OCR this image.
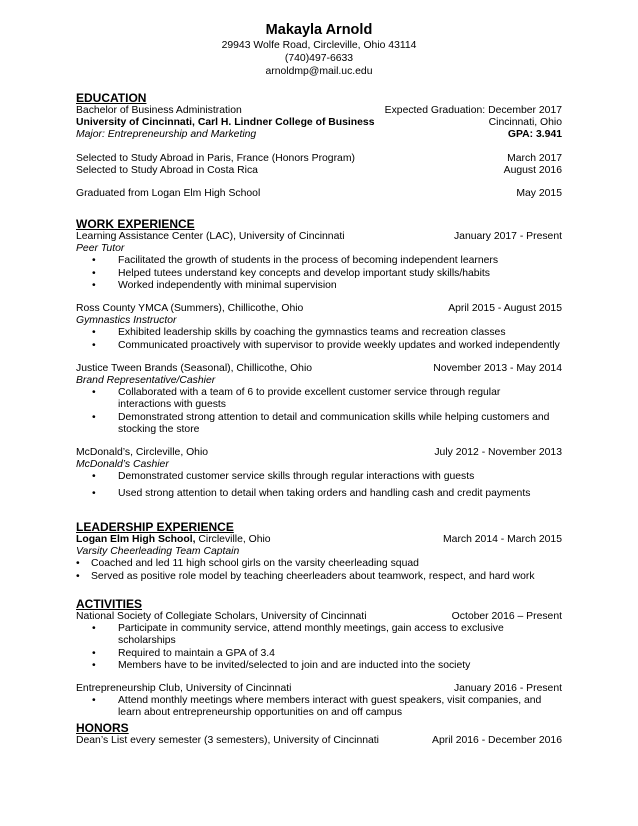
Makayla Arnold
29943 Wolfe Road, Circleville, Ohio 43114
(740)497-6633
arnoldmp@mail.uc.edu
EDUCATION
Bachelor of Business Administration	Expected Graduation: December 2017
University of Cincinnati, Carl H. Lindner College of Business	Cincinnati, Ohio
Major: Entrepreneurship and Marketing	GPA: 3.941
Selected to Study Abroad in Paris, France (Honors Program)	March 2017
Selected to Study Abroad in Costa Rica	August 2016
Graduated from Logan Elm High School	May 2015
WORK EXPERIENCE
Learning Assistance Center (LAC), University of Cincinnati	January 2017 - Present
Peer Tutor
• Facilitated the growth of students in the process of becoming independent learners
• Helped tutees understand key concepts and develop important study skills/habits
• Worked independently with minimal supervision
Ross County YMCA (Summers), Chillicothe, Ohio	April 2015 - August 2015
Gymnastics Instructor
• Exhibited leadership skills by coaching the gymnastics teams and recreation classes
• Communicated proactively with supervisor to provide weekly updates and worked independently
Justice Tween Brands (Seasonal), Chillicothe, Ohio	November 2013 - May 2014
Brand Representative/Cashier
• Collaborated with a team of 6 to provide excellent customer service through regular interactions with guests
• Demonstrated strong attention to detail and communication skills while helping customers and stocking the store
McDonald’s, Circleville, Ohio	July 2012 - November 2013
McDonald’s Cashier
• Demonstrated customer service skills through regular interactions with guests
• Used strong attention to detail when taking orders and handling cash and credit payments
LEADERSHIP EXPERIENCE
Logan Elm High School, Circleville, Ohio	March 2014 - March 2015
Varsity Cheerleading Team Captain
• Coached and led 11 high school girls on the varsity cheerleading squad
• Served as positive role model by teaching cheerleaders about teamwork, respect, and hard work
ACTIVITIES
National Society of Collegiate Scholars, University of Cincinnati	October 2016 – Present
• Participate in community service, attend monthly meetings, gain access to exclusive scholarships
• Required to maintain a GPA of 3.4
• Members have to be invited/selected to join and are inducted into the society
Entrepreneurship Club, University of Cincinnati	January 2016 - Present
• Attend monthly meetings where members interact with guest speakers, visit companies, and learn about entrepreneurship opportunities on and off campus
HONORS
Dean’s List every semester (3 semesters), University of Cincinnati	April 2016 - December 2016
